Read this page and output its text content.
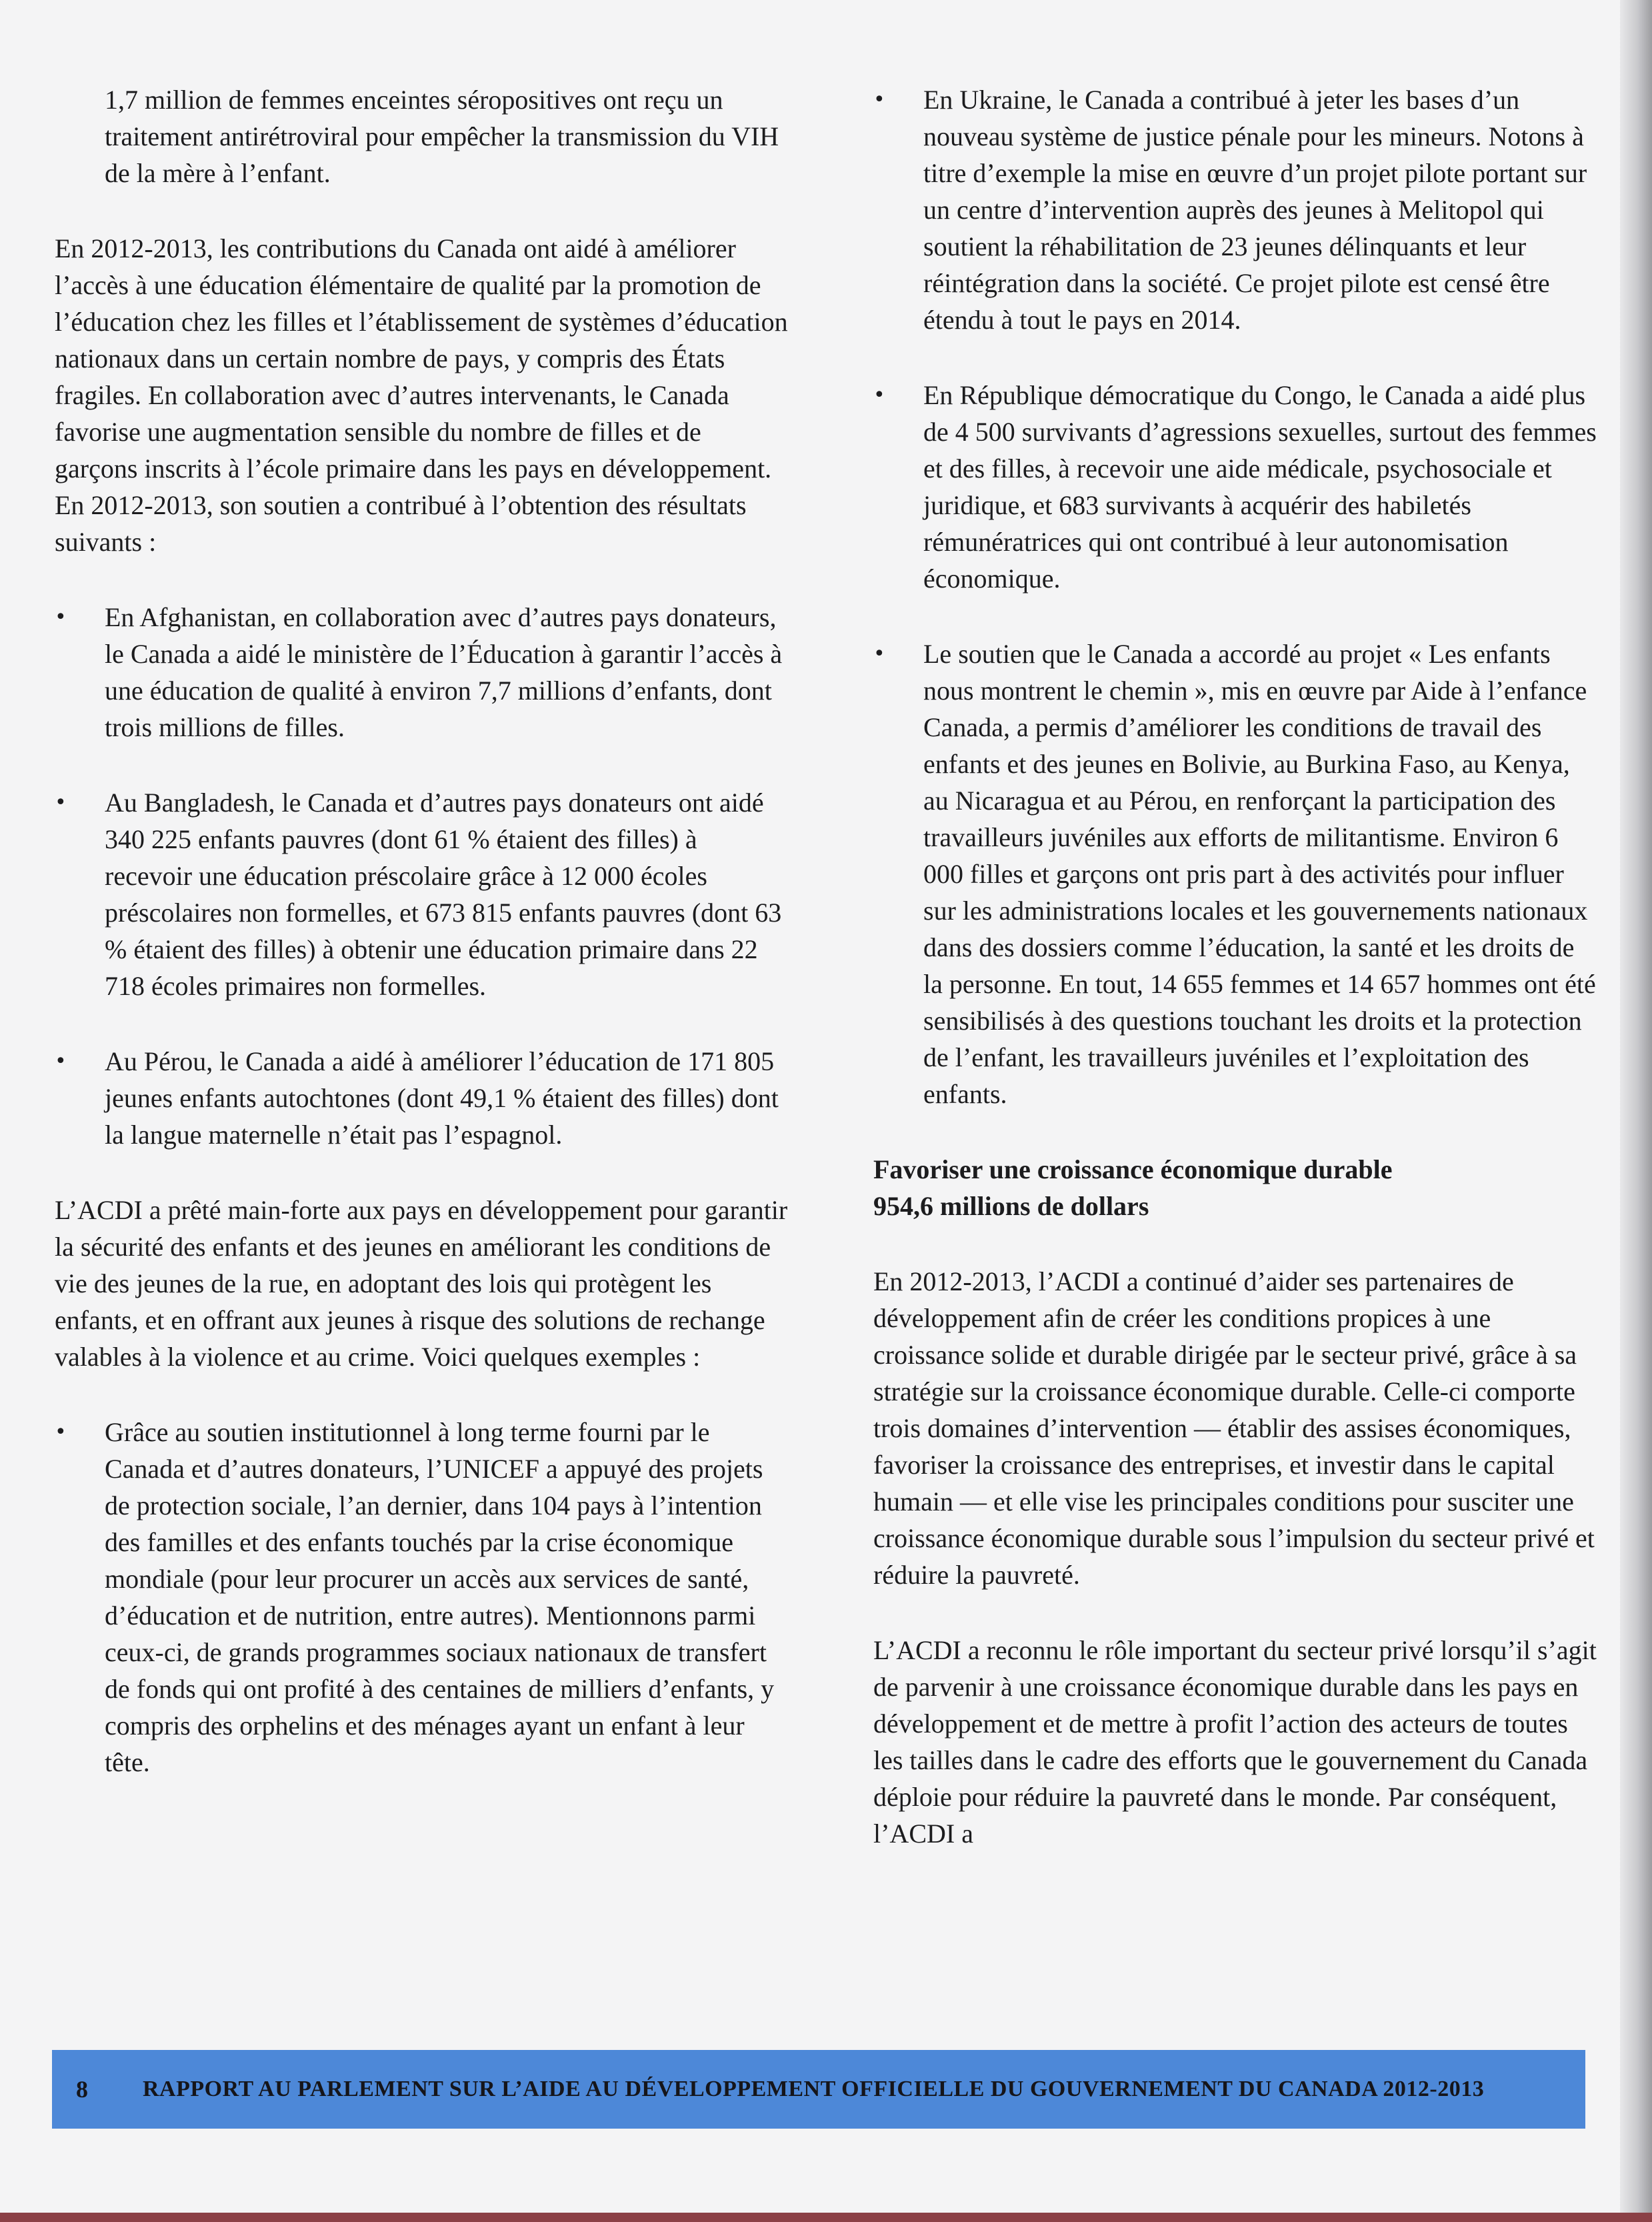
1,7 million de femmes enceintes séropositives ont reçu un traitement antirétroviral pour empêcher la transmission du VIH de la mère à l’enfant.

En 2012-2013, les contributions du Canada ont aidé à améliorer l’accès à une éducation élémentaire de qualité par la promotion de l’éducation chez les filles et l’établissement de systèmes d’éducation nationaux dans un certain nombre de pays, y compris des États fragiles. En collaboration avec d’autres intervenants, le Canada favorise une augmentation sensible du nombre de filles et de garçons inscrits à l’école primaire dans les pays en développement. En 2012-2013, son soutien a contribué à l’obtention des résultats suivants :

•	En Afghanistan, en collaboration avec d’autres pays donateurs, le Canada a aidé le ministère de l’Éducation à garantir l’accès à une éducation de qualité à environ 7,7 millions d’enfants, dont trois millions de filles.

•	Au Bangladesh, le Canada et d’autres pays donateurs ont aidé 340 225 enfants pauvres (dont 61 % étaient des filles) à recevoir une éducation préscolaire grâce à 12 000 écoles préscolaires non formelles, et 673 815 enfants pauvres (dont 63 % étaient des filles) à obtenir une éducation primaire dans 22 718 écoles primaires non formelles.

•	Au Pérou, le Canada a aidé à améliorer l’éducation de 171 805 jeunes enfants autochtones (dont 49,1 % étaient des filles) dont la langue maternelle n’était pas l’espagnol.

L’ACDI a prêté main-forte aux pays en développement pour garantir la sécurité des enfants et des jeunes en améliorant les conditions de vie des jeunes de la rue, en adoptant des lois qui protègent les enfants, et en offrant aux jeunes à risque des solutions de rechange valables à la violence et au crime. Voici quelques exemples :

•	Grâce au soutien institutionnel à long terme fourni par le Canada et d’autres donateurs, l’UNICEF a appuyé des projets de protection sociale, l’an dernier, dans 104 pays à l’intention des familles et des enfants touchés par la crise économique mondiale (pour leur procurer un accès aux services de santé, d’éducation et de nutrition, entre autres). Mentionnons parmi ceux-ci, de grands programmes sociaux nationaux de transfert de fonds qui ont profité à des centaines de milliers d’enfants, y compris des orphelins et des ménages ayant un enfant à leur tête.

•	En Ukraine, le Canada a contribué à jeter les bases d’un nouveau système de justice pénale pour les mineurs. Notons à titre d’exemple la mise en œuvre d’un projet pilote portant sur un centre d’intervention auprès des jeunes à Melitopol qui soutient la réhabilitation de 23 jeunes délinquants et leur réintégration dans la société. Ce projet pilote est censé être étendu à tout le pays en 2014.

•	En République démocratique du Congo, le Canada a aidé plus de 4 500 survivants d’agressions sexuelles, surtout des femmes et des filles, à recevoir une aide médicale, psychosociale et juridique, et 683 survivants à acquérir des habiletés rémunératrices qui ont contribué à leur autonomisation économique.

•	Le soutien que le Canada a accordé au projet « Les enfants nous montrent le chemin », mis en œuvre par Aide à l’enfance Canada, a permis d’améliorer les conditions de travail des enfants et des jeunes en Bolivie, au Burkina Faso, au Kenya, au Nicaragua et au Pérou, en renforçant la participation des travailleurs juvéniles aux efforts de militantisme. Environ 6 000 filles et garçons ont pris part à des activités pour influer sur les administrations locales et les gouvernements nationaux dans des dossiers comme l’éducation, la santé et les droits de la personne. En tout, 14 655 femmes et 14 657 hommes ont été sensibilisés à des questions touchant les droits et la protection de l’enfant, les travailleurs juvéniles et l’exploitation des enfants.

Favoriser une croissance économique durable

954,6 millions de dollars

En 2012-2013, l’ACDI a continué d’aider ses partenaires de développement afin de créer les conditions propices à une croissance solide et durable dirigée par le secteur privé, grâce à sa stratégie sur la croissance économique durable. Celle-ci comporte trois domaines d’intervention — établir des assises économiques, favoriser la croissance des entreprises, et investir dans le capital humain — et elle vise les principales conditions pour susciter une croissance économique durable sous l’impulsion du secteur privé et réduire la pauvreté.

L’ACDI a reconnu le rôle important du secteur privé lorsqu’il s’agit de parvenir à une croissance économique durable dans les pays en développement et de mettre à profit l’action des acteurs de toutes les tailles dans le cadre des efforts que le gouvernement du Canada déploie pour réduire la pauvreté dans le monde. Par conséquent, l’ACDI a

8	RAPPORT AU PARLEMENT SUR L’AIDE AU DÉVELOPPEMENT OFFICIELLE DU GOUVERNEMENT DU CANADA 2012-2013
